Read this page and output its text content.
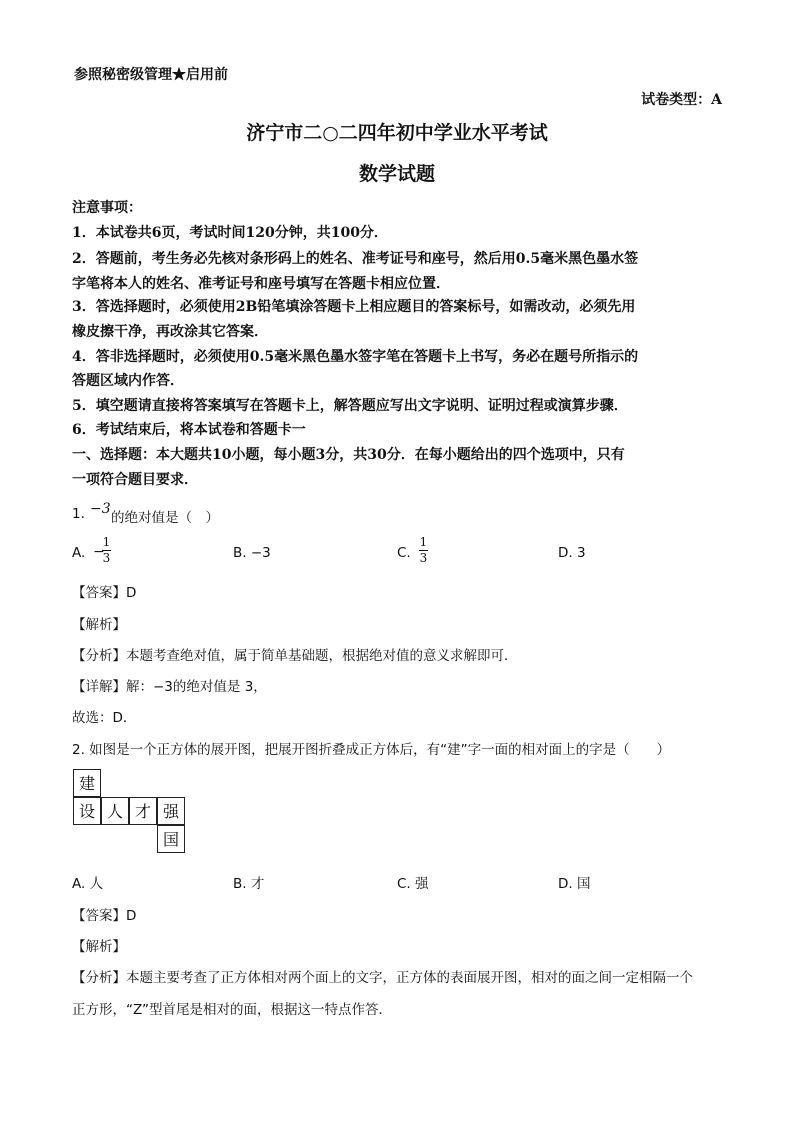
参照秘密级管理★启用前
试卷类型：A
济宁市二○二四年初中学业水平考试
数学试题
注意事项：
1．本试卷共6页，考试时间120分钟，共100分．
2．答题前，考生务必先核对条形码上的姓名、准考证号和座号，然后用0.5毫米黑色墨水签
字笔将本人的姓名、准考证号和座号填写在答题卡相应位置．
3．答选择题时，必须使用2B铅笔填涂答题卡上相应题目的答案标号，如需改动，必须先用
橡皮擦干净，再改涂其它答案．
4．答非选择题时，必须使用0.5毫米黑色墨水签字笔在答题卡上书写，务必在题号所指示的
答题区域内作答．
5．填空题请直接将答案填写在答题卡上，解答题应写出文字说明、证明过程或演算步骤．
6．考试结束后，将本试卷和答题卡一
一、选择题：本大题共10小题，每小题3分，共30分．在每小题给出的四个选项中，只有
一项符合题目要求．
1. −3
的绝对值是（　）
A. −
1
3	B. −3	C.
1
3	D. 3
【答案】D
【解析】
【分析】本题考查绝对值，属于简单基础题，根据绝对值的意义求解即可．
【详解】解：−3的绝对值是 3，
故选：D．
2. 如图是一个正方体的展开图，把展开图折叠成正方体后，有“建”字一面的相对面上的字是（　　）
建
设 人 才 强
国
A. 人	B. 才	C. 强	D. 国
【答案】D
【解析】
【分析】本题主要考查了正方体相对两个面上的文字，正方体的表面展开图，相对的面之间一定相隔一个
正方形，“Z”型首尾是相对的面，根据这一特点作答．
